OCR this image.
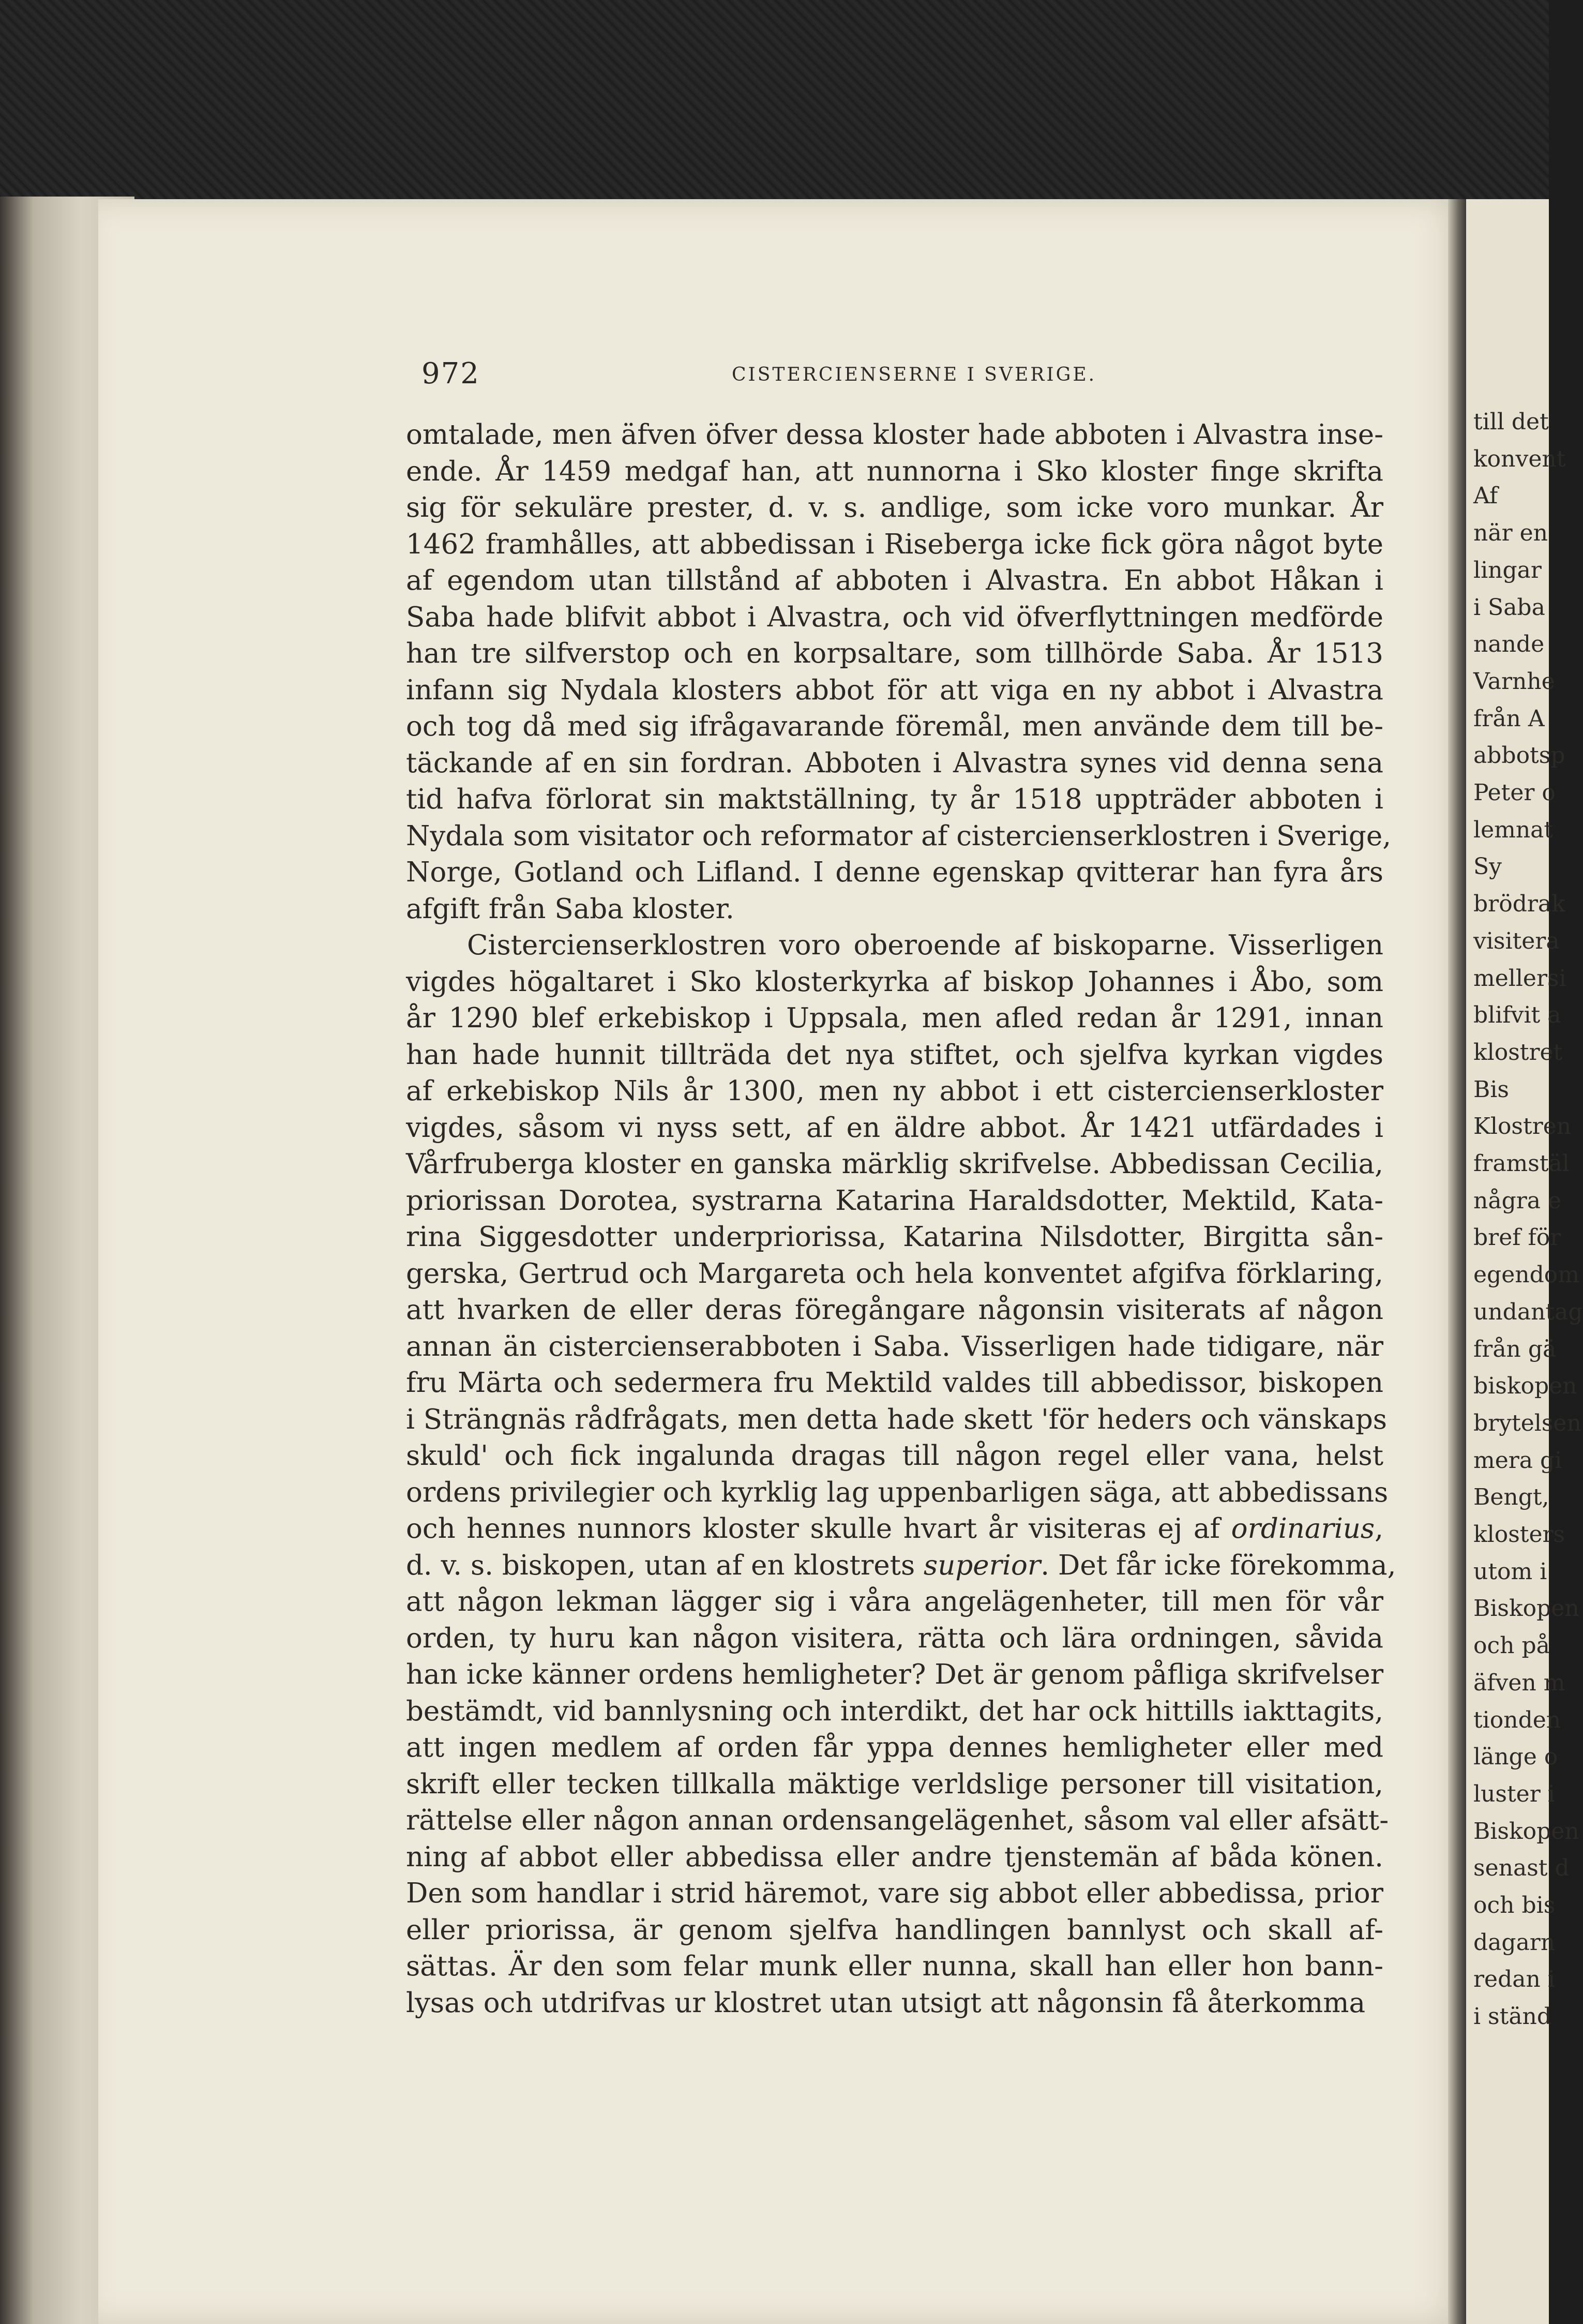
972	CISTERCIENSERNE I SVERIGE.
omtalade, men äfven öfver dessa kloster hade abboten i Alvastra inse-
ende. År 1459 medgaf han, att nunnorna i Sko kloster finge skrifta
sig för sekuläre prester, d. v. s. andlige, som icke voro munkar. År
1462 framhålles, att abbedissan i Riseberga icke fick göra något byte
af egendom utan tillstånd af abboten i Alvastra. En abbot Håkan i
Saba hade blifvit abbot i Alvastra, och vid öfverflyttningen medförde
han tre silfverstop och en korpsaltare, som tillhörde Saba. År 1513
infann sig Nydala klosters abbot för att viga en ny abbot i Alvastra
och tog då med sig ifrågavarande föremål, men använde dem till be-
täckande af en sin fordran. Abboten i Alvastra synes vid denna sena
tid hafva förlorat sin maktställning, ty år 1518 uppträder abboten i
Nydala som visitator och reformator af cistercienserklostren i Sverige,
Norge, Gotland och Lifland. I denne egenskap qvitterar han fyra års
afgift från Saba kloster.
Cistercienserklostren voro oberoende af biskoparne. Visserligen
vigdes högaltaret i Sko klosterkyrka af biskop Johannes i Åbo, som
år 1290 blef erkebiskop i Uppsala, men afled redan år 1291, innan
han hade hunnit tillträda det nya stiftet, och sjelfva kyrkan vigdes
af erkebiskop Nils år 1300, men ny abbot i ett cistercienserkloster
vigdes, såsom vi nyss sett, af en äldre abbot. År 1421 utfärdades i
Vårfruberga kloster en ganska märklig skrifvelse. Abbedissan Cecilia,
priorissan Dorotea, systrarna Katarina Haraldsdotter, Mektild, Kata-
rina Siggesdotter underpriorissa, Katarina Nilsdotter, Birgitta sån-
gerska, Gertrud och Margareta och hela konventet afgifva förklaring,
att hvarken de eller deras föregångare någonsin visiterats af någon
annan än cistercienserabboten i Saba. Visserligen hade tidigare, när
fru Märta och sedermera fru Mektild valdes till abbedissor, biskopen
i Strängnäs rådfrågats, men detta hade skett 'för heders och vänskaps
skuld' och fick ingalunda dragas till någon regel eller vana, helst
ordens privilegier och kyrklig lag uppenbarligen säga, att abbedissans
och hennes nunnors kloster skulle hvart år visiteras ej af ordinarius,
d. v. s. biskopen, utan af en klostrets superior. Det får icke förekomma,
att någon lekman lägger sig i våra angelägenheter, till men för vår
orden, ty huru kan någon visitera, rätta och lära ordningen, såvida
han icke känner ordens hemligheter? Det är genom påfliga skrifvelser
bestämdt, vid bannlysning och interdikt, det har ock hittills iakttagits,
att ingen medlem af orden får yppa dennes hemligheter eller med
skrift eller tecken tillkalla mäktige verldslige personer till visitation,
rättelse eller någon annan ordensangelägenhet, såsom val eller afsätt-
ning af abbot eller abbedissa eller andre tjenstemän af båda könen.
Den som handlar i strid häremot, vare sig abbot eller abbedissa, prior
eller priorissa, är genom sjelfva handlingen bannlyst och skall af-
sättas. Är den som felar munk eller nunna, skall han eller hon bann-
lysas och utdrifvas ur klostret utan utsigt att någonsin få återkomma
till det
konvent
Af
när en
lingar
i Saba
nande
Varnhe
från A
abbotsp
Peter o
lemnat
Sy
brödrak
visitera
mellersi
blifvit a
klostret
Bis
Klostren
framstäl
några e
bref för
egendom
undantag
från gä
biskopen
brytelsen
mera gi
Bengt,
klosters
utom i
Biskopen
och på
äfven m
tionden
länge o
luster i
Biskopen
senast d
och bis
dagarn
redan i
i ständ
